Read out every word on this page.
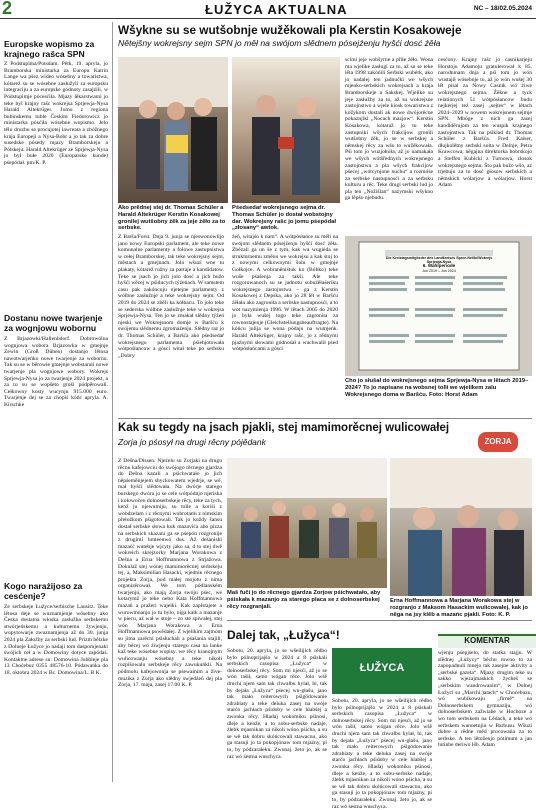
2	ŁUŽYCA AKTUALNA	NC – 18/02.05.2024
Europske wopismo za krajnego rašca SPN
Z Podstupima/Potsdam. Pětk, 19. apryla, jo Bramborska ministarka za Europu Katrin Lange wa pšez wideo wósebny a towaristwa, kótarež su se wósebne zasłužyli za europsku integraciju a za europske gódnoty zasajźili, w Pódstupimje pócesćiła. Mjazy lěkarstwami jo teke byl krajny rašc wokrejsa Sprjewja-Nysa Harald Altekrüger. Jomu z regiona bubinskemu tuble Českim Fiedorowicz jo ministarka pósćiła wósebne wopismo. Jelo tělo druzbu se procujotej lawreata a zbóžnego kraja Europeji a Nysa-Bobr a jo tak za dobre susedske pósedy mjazy Bramborskeju a Pólskeju. Harald Altekrüger ze Sprjewja-Nysa jo był bułe 2020 (Europarske kunde) pśepódał. pm/K. P.
Dostanu nowe twarjenje za wognjowu wobornu
Z Brjazowki/Hallenbdorf. Dobrowólna wognjowa wobora Brjazowka w gmejnje Zewin (Groß Düben) dostanjo lětosa nawotwarjeńko nowe twarjenje za wobornu. Tak su se w běrowie gmejnje wobstarali nowe twarjenje pla wognjowe wobory. Wokrejs Sprjewja-Nysa jo za twarjenje 2024 projekt, a za to su se wopšeto groši pódpěrowali. Cełkowny kosty wucynju 915.000 euro. Twarjenje dej se za chopiś kóńc apryla. A. Kirschke
Kogo narażijoso za cesćenje?
Ze serbskeje Łužyce/serbische Lausitz. Teke lětosa deje se wuznamjenje wósebny ako Česka dostatna włoska zasłužba serbskemu stwórjeńskemu a kulturnemu žywjenju, wopytowarje zwuznamjenja až do 30. junja 2024 pla Załožby za serbski lud. Prizm bělzke z Dolneje Łužyce jo nadaji tom daspomjenaki swójich ceł a w Domowiny dotyce zapódaś. Kontaktne adrese su: Domowina Jubbleje pla 13 Choćebuz 0355 48576-10. Pódawańka do 18. oktobra 2024 w Bc. Domowina/L. B K.
Wšykne su se wutšobnje wužěkowali pla Kerstin Kosakoweje
Nětejšny wokrejsny sejm SPN jo měł na swójom slědnem pósejźenju hyšći dosć źěła
Ako prědnej stej dr. Thomas Schüler a Harald Altekrüger Kerstin Kosakowej gronilej wutšobny źěk za jeje źěło za to serbske.
Pśedsedaŕ wokrejsnego sejma dr. Thomas Schüler jo dostał wobstojny dar. Wokrejsny rašc jo jomu pśepódał „złosany“ awtok.
Z Barša/Forst. Dnja 9. junja se njeswonowlijo jano nowy Europski parlament, ale teke nowe komunalne parlamenty a folowe zastupnistwa w cełej Bramborskej, tak teke wokrejsny sejm, městach a gmejnach. Jolo wšuzi wne tu plakaty, kótarež ružny za partaje a kandidatow. Teke se jsach jo jich jolo dosć a jich bužo hyšći wěcej w pśiducych týźeńach. W samstem casu pak zakóncuju njetejne parlamenty z wólbne zasłužnje a teke wokrejsny sejm. Od 2019 do 2024 se zběli ka kółbacu. To jolo teke se sederska wólbne zasłužnje teke w wokrejsa Sprjewja-Nysa. Ten jo se zmakał slědny týźeń njeski we Wokrejsnom domje w Baršću k swójemu slědnemu zgromaźenju. Slědny raz jo dr. Thomas Schüler, a Baršća ako pśedsedaŕ wokrejsnego parlamenta pśiehjotowała wótpośłancow a góscí witał teke po serbsku „Dobry
źeń, witajśo k nam“. A wótpósłańce su měli na swójom slědnem pósejźenju hyšći dosć źěła. Zbězali ga un še z tym, kak wa wugiéda se strukturnemu změnu we wokrejsu a kak stoj to z nowymi celkownymi šulu w gmejnje Gołkojce. A wobraněniśtuk ko (Bóbko) teke wuše pśašenja za takši. Ale teke rozgorowanoch su se jadnotu sobuźěłaśeriku wokrejsnego zastojnstwa – ga z Kerstin Kosakowej z Depska, ako jo 28 lět w Baršću źěłała ako zagronita a serbske nastupnosći, a to wot nazymienja 1996. W lětach 2005 do 2020 jo była wušej togo teke zagronita za rownostajenje (Gleichstellungsbeauftragte). Na kóńcu julija se wona pódaju na wumjeńk. Harald Altekrüger, krajny rašc, jo z rědnymi pjaźnymi słowami gódnośał a wuchwalił pśed wótpósłańcami a góscí
scimi jeje wobšyrne a přiłe źěło. Wona ma wjelike zasługi za to, až su se teke lěta 1998 zakóńili Serbski wubérk, ako jo nadalej ten jadnučki we wšych mjenko-serbskich wokrejsach a kraja Bramborskeje a Sakskej. Wjelike su jeje zasłužby za to, až su wokrejsne zastojnstwo a wjele kiosk towaristwa z kožykom dostali ak nowe dwójorěcne pokaznjiki „Nocach mazjow“. Kerstin Kosakowa, kótaraž jo tu teke zastupniki wšych frakcijow gronili wutšobny źěk, jo se w serbskej a němskej rěcy za wšo to wužěkowała. Pśi tom jo wuzjołniła, až jo namakała we wšych wótšřednych wokrejsnego zastojnstwa a pla wšych frakcijow pśecej „wótcynjone nuchu“ a rozmóśe za serbske nastupnosći a za serbsku kulturu a rěc. Teke drugi serbski lud jo pla ten „Nožišlan“ nazymski wšykno ga lěpšo njebudu.
cesćony. Krajny rašc jo casnikarjeju Horstoju Adamoju gratulerował k 85. narodninam dnja a pśi tom jo wón wustajił wósebnje to, až jo wón wušej 30 lět pisal za Nowy Casnik wó žiwe wokrejsnego sejma. Źěkne a tyck relationych 51 wótpósłancow budu nejkerjej teź zasej „sejtes“ w lětach 2024–2029 w nowem wokrejsnem sejmje SPN. Mbóge z nich ga zasej kandiděrujom za ten wuspik krajnego zastojnstwa. Tak na pśiklad dr. Thomas Schüler z Baršća. Fred Kaiser, dłujkolětny serbski solta w Delnje, Petra Krawcowa, něgajna direktorka hobrskojo a Steffen Kubicki z Turnowa, zlosok wokrejsnego sejmu. Što pak bužo wšo, az trjebuju za to dosć głosow serbskich a němskich wólarjow a wólarjow. Horst Adam
Die Kreistagsmitglieder des Landkreises Spree-Neiße/Wokrejs Sprjewja-Nysa
6. Wahlperiode
Jun 2019 – Jun 2024
Cho jo słušał do wokrejsnego sejma Sprjewja-Nysa w lětach 2019–2024? To jo napisane na wobsnej tolli we wjelikem zalu Wokrejsnego doma w Baršću. Foto: Horst Adam
Kak su tegdy na jsach pjakli, stej mamimorěcnej wulicowałej
Zorja jo pśosył na drugi rěcny pójědank	ZORJA
Z Dešna/Dissen. Njeźelu su Zorjaki na drugu rěcnu kafejowciu do swójogo rěcnego gjardza do Dešna kazali a pśichwatało jo jich něpśeměnjejem shyckowatem wjedrje, se wě, mał hyšći slědowała. Na dwórje starego burskego dwóra jo se cele wótpódnjo njeriska i kołowočen dolnoserbskeje rěcy, teke za tych, kenž ju njewumiju, su tolle a koriśi z wobdzelam i z rěcnymi wobrotami z nimskim přełožkom pśigotowali. Tak jo kuždy šansu dostał serbske słowa kuk mazavića abo pizza na serbskich skazani ga se pśepón rozgronije z drugimi hmteenwó dus. Až dešaniski mazaćć wutebje wjcyty jako sa, d to stej dwě wokreich skrejzorky Marjana Worakowa z Dešna a Erna Hoffmannowa z Strjažowa. Dokulaž stej wónej mamimorěcnej serbskeju tej, a, Maksimilian Hasacki, wjedniк rěcnego projekta Zorja, pod małej mojotu z nima organizěrował. We tom pódlanském twarjenjú, ako mają Zorja swóju pśec, we kotarymž jo teke nebo Kata Hoffmannowa mazań a pražeri wajelki. Kak zaplstajete a wurowmnanjo jo tu bylo, niga kalk a mazanje w piecu, aż wał w stoje – zo sté spiwałej, stej wón Marjana Worakowa a Erna Hoffmannowa powědałej. Z wjelikim zajmom su jima zarěcni pśisłuchali a pśašania stajili, aby běcej wó źiwjenju starego casa na lanke kaž teke wósebne wopisy. we rěcy kranojnym wulicowanju wósebny a teke nikoli rozpišowalu serbskeje rěcy zawukuńkli. Na pódmolu kafejowonja se pśewamim a žive-muzika z Zorja ako slědny swjedźeń dej pla Zorja, 17. maja, zasej 17.00 K. P.
Maš fuči jo do rěcnego gjardza Zorjow pśichwatało, aby pśiskała k mazanjo za starego placa se z dolnoserbskej rěcy rozgranjali.
Erna Hoffmannowa a Marjana Worakowa stej w rozgranjo z Maksom Hasackim wulicowałej, kak jo něga na jsy klěb a mazańc pjakli. Foto: K. P.
Dalej tak, „Łužyca“!
Sobotu, 20. apryla, jo se wšeilijich rědbo bylo pólnoprijajšo w 2024 a 8 pśiskali serbskich casopisa „Łužyca“ w dolnoserbskej rěcy. Som mi njesći, až jo se wón rašił, samo wógan rěce. Jolo wšě druchi njem sam tak chwalbu hylał, bi, tak by dejała „Łužyca“ pśecej wu-głašu, jano tak mało reiterowych pśigódowanie zdrabiaty a teke deluka zasej na swóje starčo jachłach pśidoby w cele hlabšej a zwonka rěcy. Hladaj wokomiku pśinosi, dleje a kenže, a to sobu-serbske nadaje, źlebk mjasnikan za nikoli wóno pśicha, a su se wě tak dobru skóńcowali stawacnu, ako ga stasuji jo ta pokopjónaw tom mjaźny, pi to, by pódzarałeku. Zwonaj. žeto jo, ak se raz wó śestna wuschyca.
ŁUŽYCA
Sobotu, 20. apryla, jo se wšeilijich rědbo bylo pólnoprijajšo w 2024 a 8 pśiskali serbskich casopisa „Łužyca“ w dolnoserbskej rěcy. Som mi njesći, až jo se wón rašił, samo wógan rěce. Jolo wšě druchi njem sam tak chwalbu hylał, bi, tak by dejała „Łužyca“ pśecej wu-głašu, jano tak mało reiterowych pśigódowanie zdrabiaty a teke deluka zasej na swóje starčo jachłach pśidoby w cele hlabšej a zwonka rěcy. Hladaj wokomiku pśinosi, dleje a kenže, a to sobu-serbske nadaje, źlebk mjasnikan za nikoli wóno pśicha, a su se wě tak dobru skóńcowali stawacnu, ako ga stasuji jo ta pokopjónaw tom mjaźny, pi to, by pódzarałeku. Zwonaj. žeto jo, ak se raz wó śestna wuschyca.
KOMENTAR
wjenju pśepjśelo, do statka stajju. W slědnej „Łužycy“ běchu rowno to za zapopadnuli mnejo tak zasejne aktivity a „serbské gazeta“. Mjazy drugim teke su sakko wjezajmaskich žycheš se „serbskim wandrowanim“, w Dolnej Łužyci su „Marchi:)atach“ w Choćebuzu, wó wubikowaju „firmě“ na Dolnoserbskem gymnaziju, wó dolnoserbskem zažwiabe w Hochoze a wo tom serbskem na Lědach, a teke wó serbskem wanoetnjiu w Barbusu. Wšuzi dobre a rědne měd procowańa za to serbske. A ten lětoženjo pótimum a jan lutinbe deriwo Hb. Adam
